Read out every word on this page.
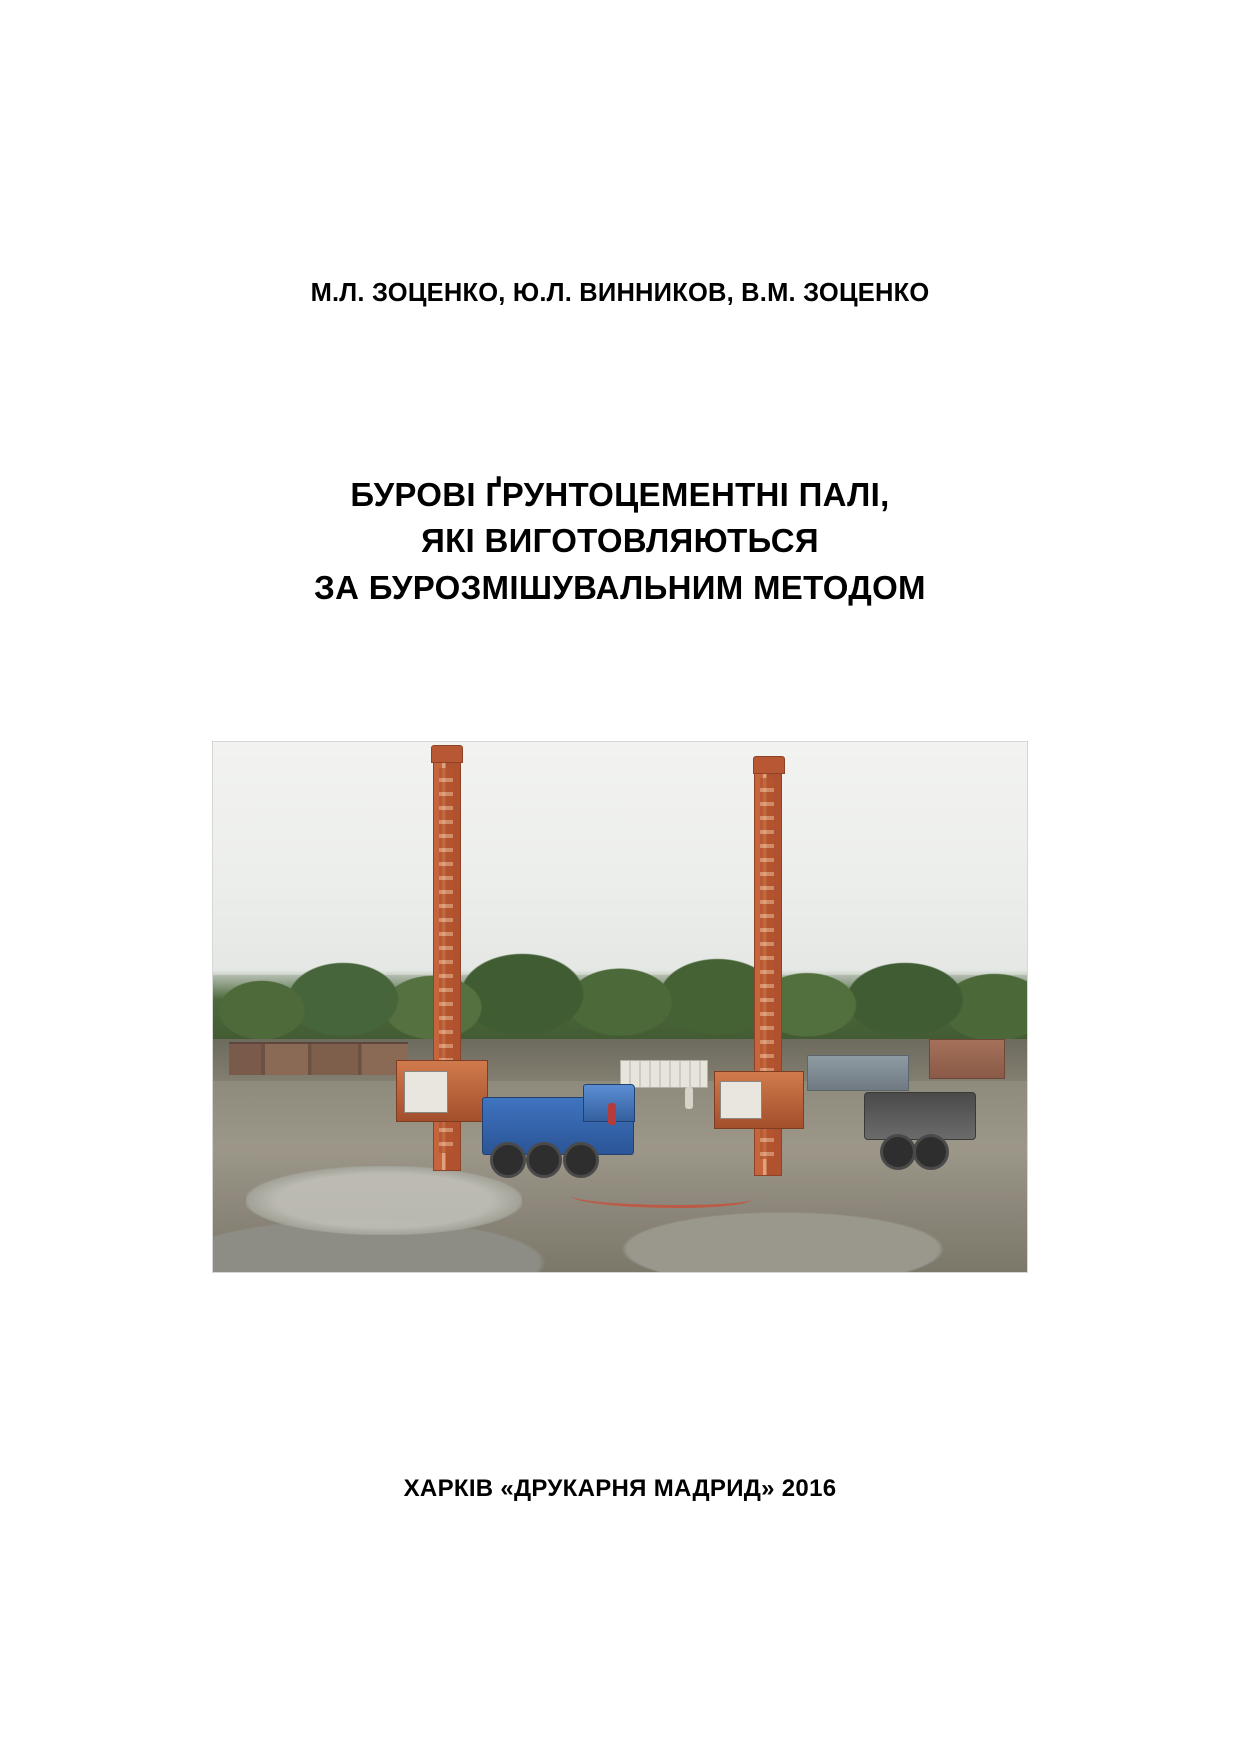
М.Л. ЗОЦЕНКО, Ю.Л. ВИННИКОВ, В.М. ЗОЦЕНКО
БУРОВІ ҐРУНТОЦЕМЕНТНІ ПАЛІ,
ЯКІ ВИГОТОВЛЯЮТЬСЯ
ЗА БУРОЗМІШУВАЛЬНИМ МЕТОДОМ
ХАРКІВ «ДРУКАРНЯ МАДРИД» 2016
